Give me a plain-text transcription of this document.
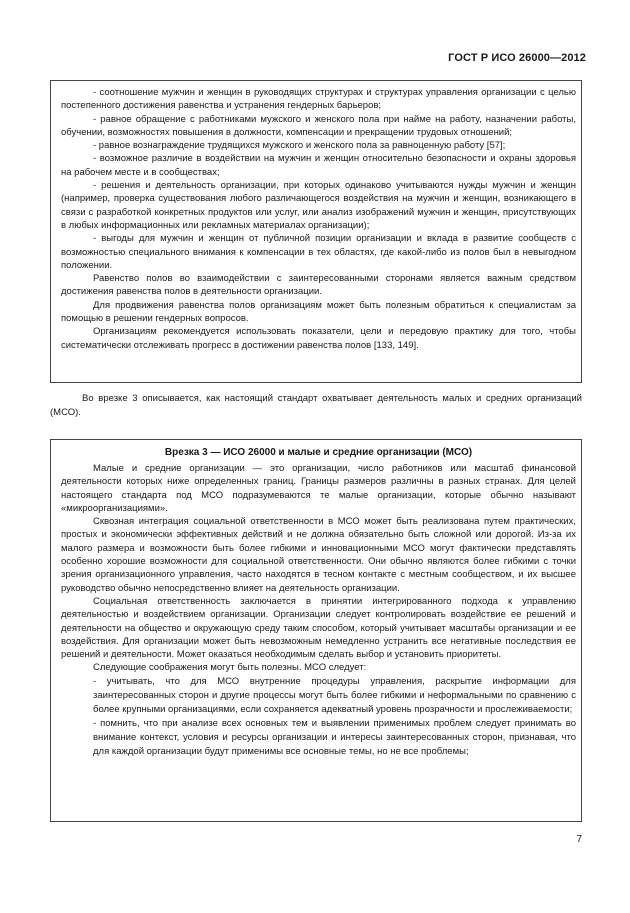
ГОСТ Р ИСО 26000—2012

- соотношение мужчин и женщин в руководящих структурах и структурах управления организации с целью постепенного достижения равенства и устранения гендерных барьеров;

- равное обращение с работниками мужского и женского пола при найме на работу, назначении работы, обучении, возможностях повышения в должности, компенсации и прекращении трудовых отношений;

- равное вознаграждение трудящихся мужского и женского пола за равноценную работу [57];

- возможное различие в воздействии на мужчин и женщин относительно безопасности и охраны здоровья на рабочем месте и в сообществах;

- решения и деятельность организации, при которых одинаково учитываются нужды мужчин и женщин (например, проверка существования любого различающегося воздействия на мужчин и женщин, возникающего в связи с разработкой конкретных продуктов или услуг, или анализ изображений мужчин и женщин, присутствующих в любых информационных или рекламных материалах организации);

- выгоды для мужчин и женщин от публичной позиции организации и вклада в развитие сообществ с возможностью специального внимания к компенсации в тех областях, где какой-либо из полов был в невыгодном положении.

Равенство полов во взаимодействии с заинтересованными сторонами является важным средством достижения равенства полов в деятельности организации.

Для продвижения равенства полов организациям может быть полезным обратиться к специалистам за помощью в решении гендерных вопросов.

Организациям рекомендуется использовать показатели, цели и передовую практику для того, чтобы систематически отслеживать прогресс в достижении равенства полов [133, 149].

Во врезке 3 описывается, как настоящий стандарт охватывает деятельность малых и средних организаций (МСО).

Врезка 3 — ИСО 26000 и малые и средние организации (МСО)

Малые и средние организации — это организации, число работников или масштаб финансовой деятельности которых ниже определенных границ. Границы размеров различны в разных странах. Для целей настоящего стандарта под МСО подразумеваются те малые организации, которые обычно называют «микроорганизациями».

Сквозная интеграция социальной ответственности в МСО может быть реализована путем практических, простых и экономически эффективных действий и не должна обязательно быть сложной или дорогой. Из-за их малого размера и возможности быть более гибкими и инновационными МСО могут фактически представлять особенно хорошие возможности для социальной ответственности. Они обычно являются более гибкими с точки зрения организационного управления, часто находятся в тесном контакте с местным сообществом, и их высшее руководство обычно непосредственно влияет на деятельность организации.

Социальная ответственность заключается в принятии интегрированного подхода к управлению деятельностью и воздействием организации. Организации следует контролировать воздействие ее решений и деятельности на общество и окружающую среду таким способом, который учитывает масштабы организации и ее воздействия. Для организации может быть невозможным немедленно устранить все негативные последствия ее решений и деятельности. Может оказаться необходимым сделать выбор и установить приоритеты.

Следующие соображения могут быть полезны. МСО следует:

- учитывать, что для МСО внутренние процедуры управления, раскрытие информации для заинтересованных сторон и другие процессы могут быть более гибкими и неформальными по сравнению с более крупными организациями, если сохраняется адекватный уровень прозрачности и прослеживаемости;

- помнить, что при анализе всех основных тем и выявлении применимых проблем следует принимать во внимание контекст, условия и ресурсы организации и интересы заинтересованных сторон, признавая, что для каждой организации будут применимы все основные темы, но не все проблемы;

7
